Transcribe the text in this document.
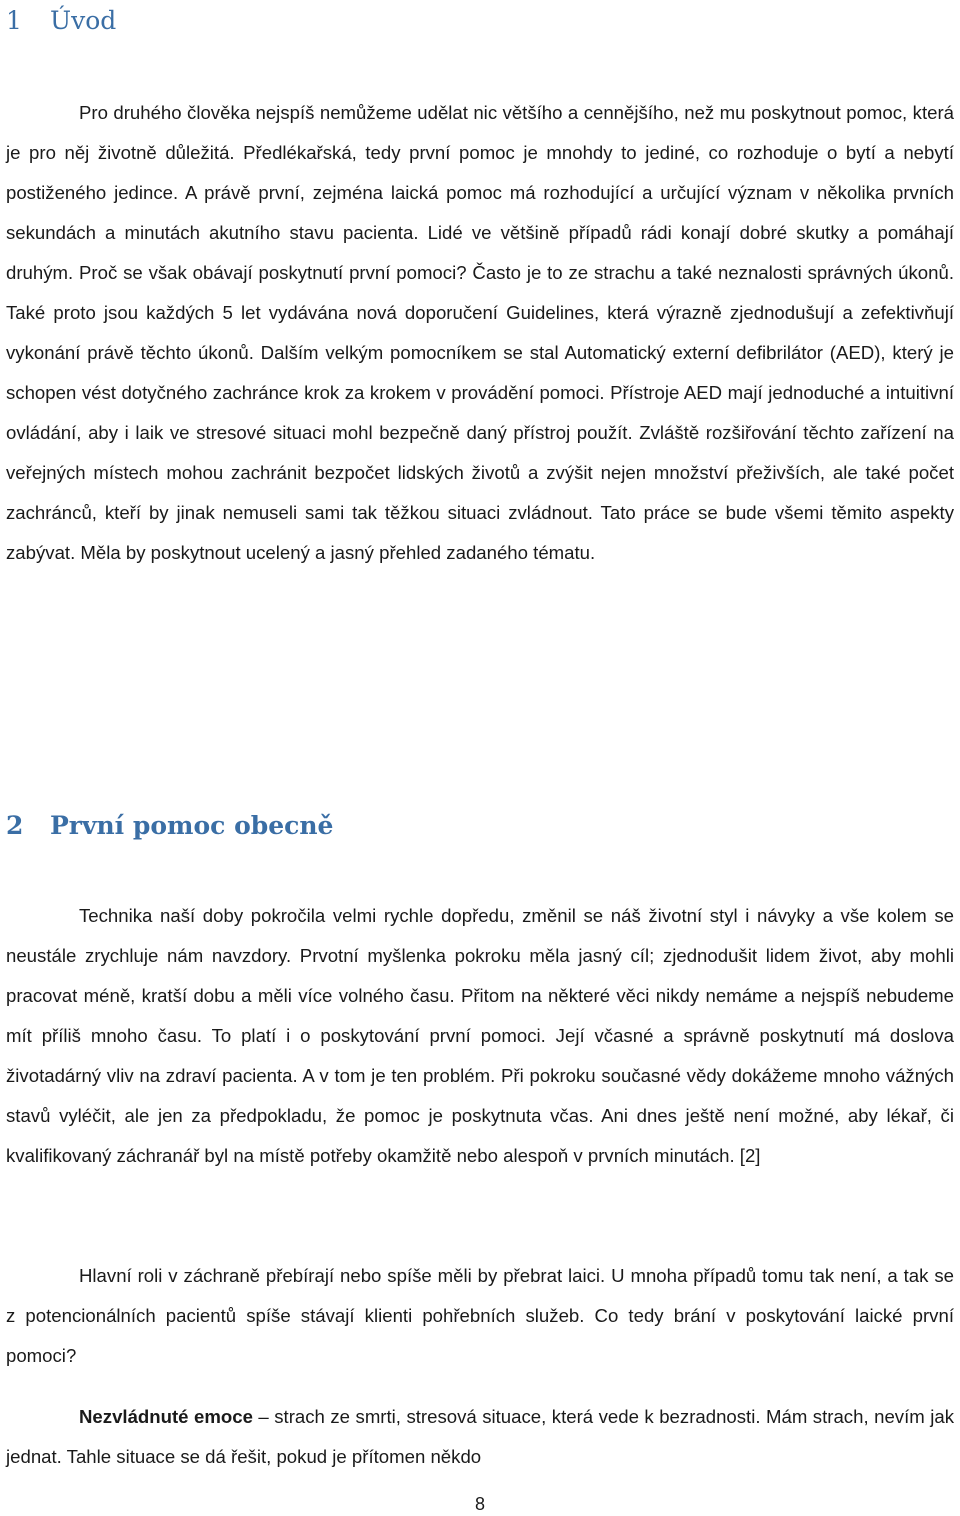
1 Úvod

Pro druhého člověka nejspíš nemůžeme udělat nic většího a cennějšího, než mu poskytnout pomoc, která je pro něj životně důležitá. Předlékařská, tedy první pomoc je mnohdy to jediné, co rozhoduje o bytí a nebytí postiženého jedince. A právě první, zejména laická pomoc má rozhodující a určující význam v několika prvních sekundách a minutách akutního stavu pacienta. Lidé ve většině případů rádi konají dobré skutky a pomáhají druhým. Proč se však obávají poskytnutí první pomoci? Často je to ze strachu a také neznalosti správných úkonů. Také proto jsou každých 5 let vydávána nová doporučení Guidelines, která výrazně zjednodušují a zefektivňují vykonání právě těchto úkonů. Dalším velkým pomocníkem se stal Automatický externí defibrilátor (AED), který je schopen vést dotyčného zachránce krok za krokem v provádění pomoci. Přístroje AED mají jednoduché a intuitivní ovládání, aby i laik ve stresové situaci mohl bezpečně daný přístroj použít. Zvláště rozšiřování těchto zařízení na veřejných místech mohou zachránit bezpočet lidských životů a zvýšit nejen množství přeživších, ale také počet zachránců, kteří by jinak nemuseli sami tak těžkou situaci zvládnout. Tato práce se bude všemi těmito aspekty zabývat. Měla by poskytnout ucelený a jasný přehled zadaného tématu.

2 První pomoc obecně

Technika naší doby pokročila velmi rychle dopředu, změnil se náš životní styl i návyky a vše kolem se neustále zrychluje nám navzdory. Prvotní myšlenka pokroku měla jasný cíl; zjednodušit lidem život, aby mohli pracovat méně, kratší dobu a měli více volného času. Přitom na některé věci nikdy nemáme a nejspíš nebudeme mít příliš mnoho času. To platí i o poskytování první pomoci. Její včasné a správně poskytnutí má doslova životadárný vliv na zdraví pacienta. A v tom je ten problém. Při pokroku současné vědy dokážeme mnoho vážných stavů vyléčit, ale jen za předpokladu, že pomoc je poskytnuta včas. Ani dnes ještě není možné, aby lékař, či kvalifikovaný záchranář byl na místě potřeby okamžitě nebo alespoň v prvních minutách. [2]

Hlavní roli v záchraně přebírají nebo spíše měli by přebrat laici. U mnoha případů tomu tak není, a tak se z potencionálních pacientů spíše stávají klienti pohřebních služeb. Co tedy brání v poskytování laické první pomoci?

Nezvládnuté emoce – strach ze smrti, stresová situace, která vede k bezradnosti. Mám strach, nevím jak jednat. Tahle situace se dá řešit, pokud je přítomen někdo

8
